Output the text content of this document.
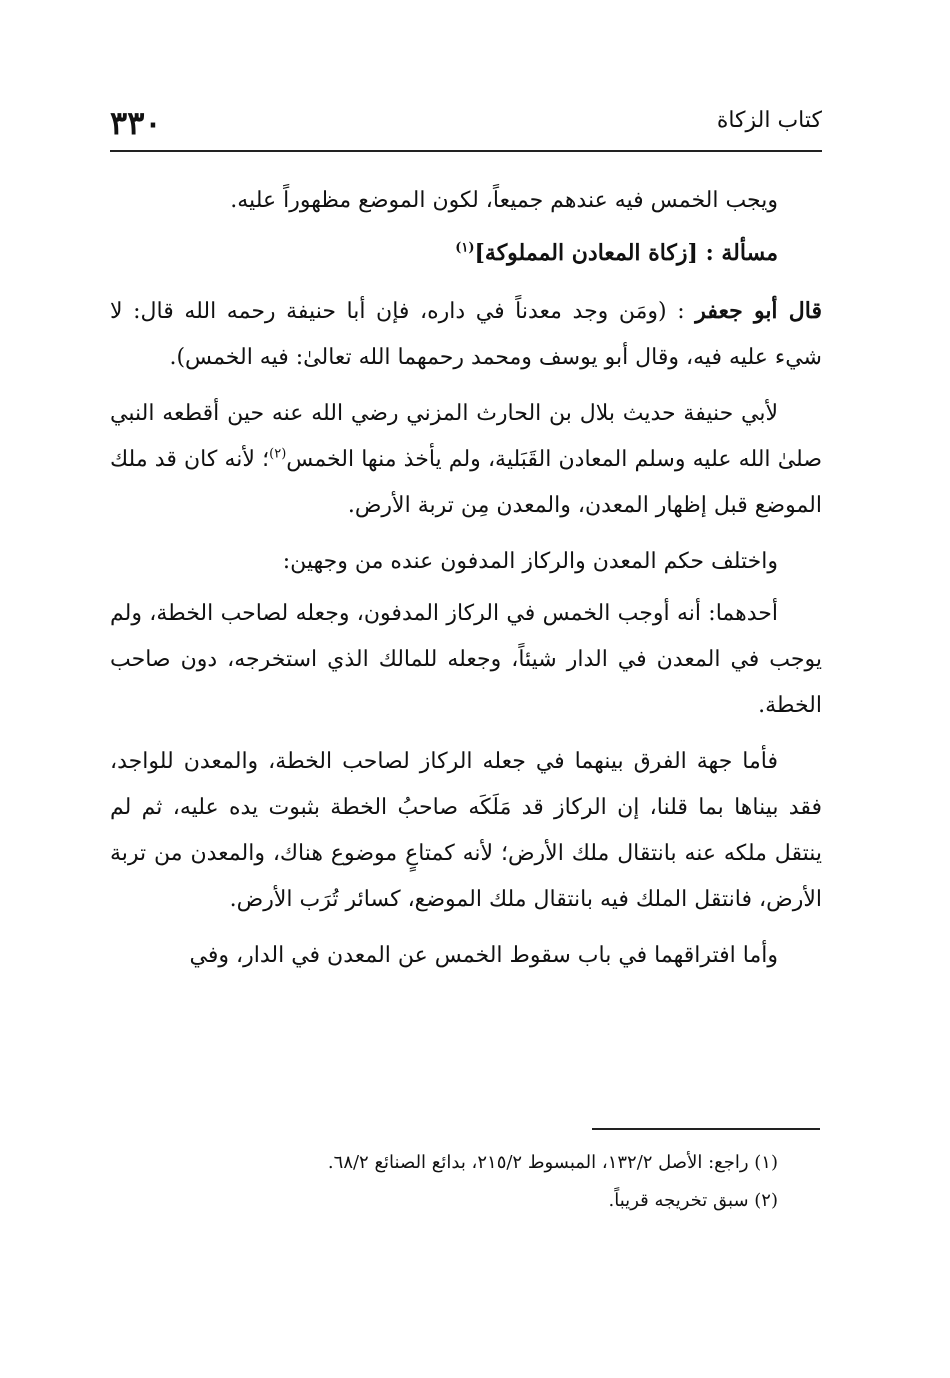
٣٣٠	كتاب الزكاة

ويجب الخمس فيه عندهم جميعاً، لكون الموضع مظهوراً عليه.

مسألة : [زكاة المعادن المملوكة]$^{(١)}$

قال أبو جعفر : (ومَن وجد معدناً في داره، فإن أبا حنيفة رحمه الله قال: لا شيء عليه فيه، وقال أبو يوسف ومحمد رحمهما الله تعالىٰ: فيه الخمس).

لأبي حنيفة حديث بلال بن الحارث المزني رضي الله عنه حين أقطعه النبي صلىٰ الله عليه وسلم المعادن القَبَلية، ولم يأخذ منها الخمس$^{(٢)}$؛ لأنه كان قد ملك الموضع قبل إظهار المعدن، والمعدن مِن تربة الأرض.

واختلف حكم المعدن والركاز المدفون عنده من وجهين:

أحدهما: أنه أوجب الخمس في الركاز المدفون، وجعله لصاحب الخطة، ولم يوجب في المعدن في الدار شيئاً، وجعله للمالك الذي استخرجه، دون صاحب الخطة.

فأما جهة الفرق بينهما في جعله الركاز لصاحب الخطة، والمعدن للواجد، فقد بيناها بما قلنا، إن الركاز قد مَلَكَه صاحبُ الخطة بثبوت يده عليه، ثم لم ينتقل ملكه عنه بانتقال ملك الأرض؛ لأنه كمتاعٍ موضوع هناك، والمعدن من تربة الأرض، فانتقل الملك فيه بانتقال ملك الموضع، كسائر تُرَب الأرض.

وأما افتراقهما في باب سقوط الخمس عن المعدن في الدار، وفي

(١) راجع: الأصل ١٣٢/٢، المبسوط ٢١٥/٢، بدائع الصنائع ٦٨/٢.

(٢) سبق تخريجه قريباً.
